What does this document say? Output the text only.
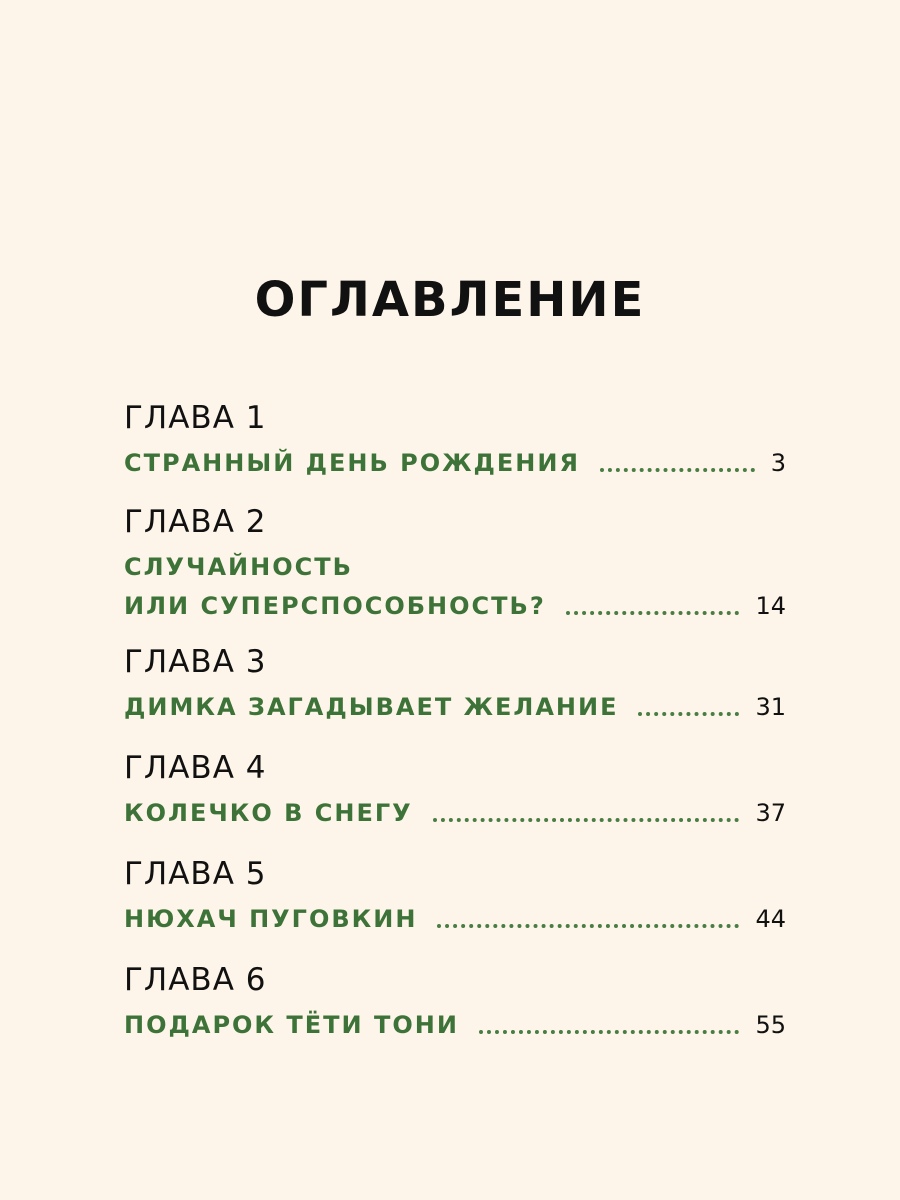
ОГЛАВЛЕНИЕ
ГЛАВА 1
СТРАННЫЙ ДЕНЬ РОЖДЕНИЯ	3
ГЛАВА 2
СЛУЧАЙНОСТЬ
ИЛИ СУПЕРСПОСОБНОСТЬ?	14
ГЛАВА 3
ДИМКА ЗАГАДЫВАЕТ ЖЕЛАНИЕ	31
ГЛАВА 4
КОЛЕЧКО В СНЕГУ	37
ГЛАВА 5
НЮХАЧ ПУГОВКИН	44
ГЛАВА 6
ПОДАРОК ТЁТИ ТОНИ	55
